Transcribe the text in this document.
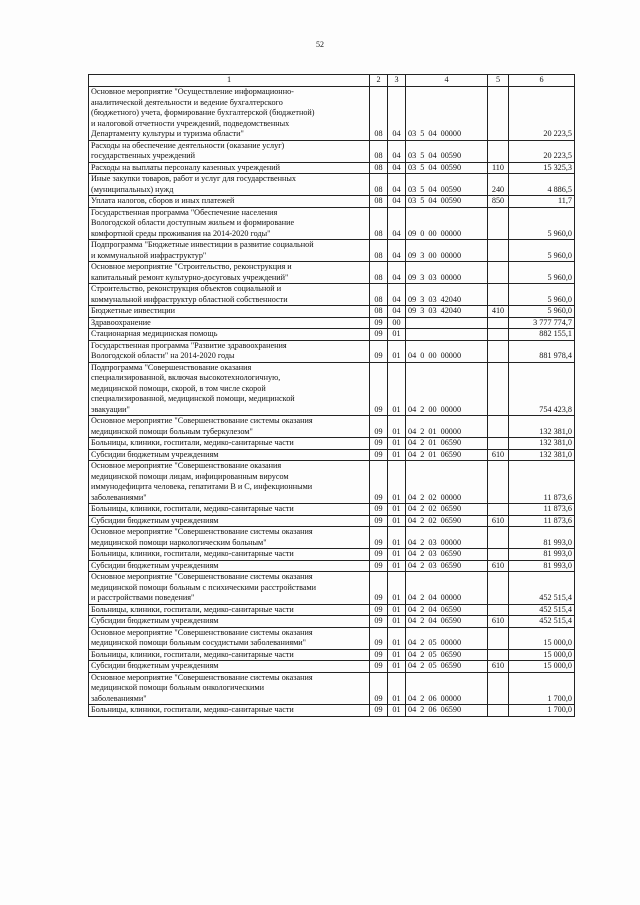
52
1	2	3	4	5	6
Основное мероприятие "Осуществление информационно-
аналитической деятельности и ведение бухгалтерского
(бюджетного) учета, формирование бухгалтерской (бюджетной)
и налоговой отчетности учреждений, подведомственных
Департаменту культуры и туризма области"	08	04	03 5 04 00000		20 223,5
Расходы на обеспечение деятельности (оказание услуг)
государственных учреждений	08	04	03 5 04 00590		20 223,5
Расходы на выплаты персоналу казенных учреждений	08	04	03 5 04 00590	110	15 325,3
Иные закупки товаров, работ и услуг для государственных
(муниципальных) нужд	08	04	03 5 04 00590	240	4 886,5
Уплата налогов, сборов и иных платежей	08	04	03 5 04 00590	850	11,7
Государственная программа "Обеспечение населения
Вологодской области доступным жильем и формирование
комфортной среды проживания на 2014-2020 годы"	08	04	09 0 00 00000		5 960,0
Подпрограмма "Бюджетные инвестиции в развитие социальной
и коммунальной инфраструктур"	08	04	09 3 00 00000		5 960,0
Основное мероприятие "Строительство, реконструкция и
капитальный ремонт культурно-досуговых учреждений"	08	04	09 3 03 00000		5 960,0
Строительство, реконструкция объектов социальной и
коммунальной инфраструктур областной собственности	08	04	09 3 03 42040		5 960,0
Бюджетные инвестиции	08	04	09 3 03 42040	410	5 960,0
Здравоохранение	09	00			3 777 774,7
Стационарная медицинская помощь	09	01			882 155,1
Государственная программа "Развитие здравоохранения
Вологодской области" на 2014-2020 годы	09	01	04 0 00 00000		881 978,4
Подпрограмма "Совершенствование оказания
специализированной, включая высокотехнологичную,
медицинской помощи, скорой, в том числе скорой
специализированной, медицинской помощи, медицинской
эвакуации"	09	01	04 2 00 00000		754 423,8
Основное мероприятие "Совершенствование системы оказания
медицинской помощи больным туберкулезом"	09	01	04 2 01 00000		132 381,0
Больницы, клиники, госпитали, медико-санитарные части	09	01	04 2 01 06590		132 381,0
Субсидии бюджетным учреждениям	09	01	04 2 01 06590	610	132 381,0
Основное мероприятие "Совершенствование оказания
медицинской помощи лицам, инфицированным вирусом
иммунодефицита человека, гепатитами B и C, инфекционными
заболеваниями"	09	01	04 2 02 00000		11 873,6
Больницы, клиники, госпитали, медико-санитарные части	09	01	04 2 02 06590		11 873,6
Субсидии бюджетным учреждениям	09	01	04 2 02 06590	610	11 873,6
Основное мероприятие "Совершенствование системы оказания
медицинской помощи наркологическим больным"	09	01	04 2 03 00000		81 993,0
Больницы, клиники, госпитали, медико-санитарные части	09	01	04 2 03 06590		81 993,0
Субсидии бюджетным учреждениям	09	01	04 2 03 06590	610	81 993,0
Основное мероприятие "Совершенствование системы оказания
медицинской помощи больным с психическими расстройствами
и расстройствами поведения"	09	01	04 2 04 00000		452 515,4
Больницы, клиники, госпитали, медико-санитарные части	09	01	04 2 04 06590		452 515,4
Субсидии бюджетным учреждениям	09	01	04 2 04 06590	610	452 515,4
Основное мероприятие "Совершенствование системы оказания
медицинской помощи больным сосудистыми заболеваниями"	09	01	04 2 05 00000		15 000,0
Больницы, клиники, госпитали, медико-санитарные части	09	01	04 2 05 06590		15 000,0
Субсидии бюджетным учреждениям	09	01	04 2 05 06590	610	15 000,0
Основное мероприятие "Совершенствование системы оказания
медицинской помощи больным онкологическими
заболеваниями"	09	01	04 2 06 00000		1 700,0
Больницы, клиники, госпитали, медико-санитарные части	09	01	04 2 06 06590		1 700,0
